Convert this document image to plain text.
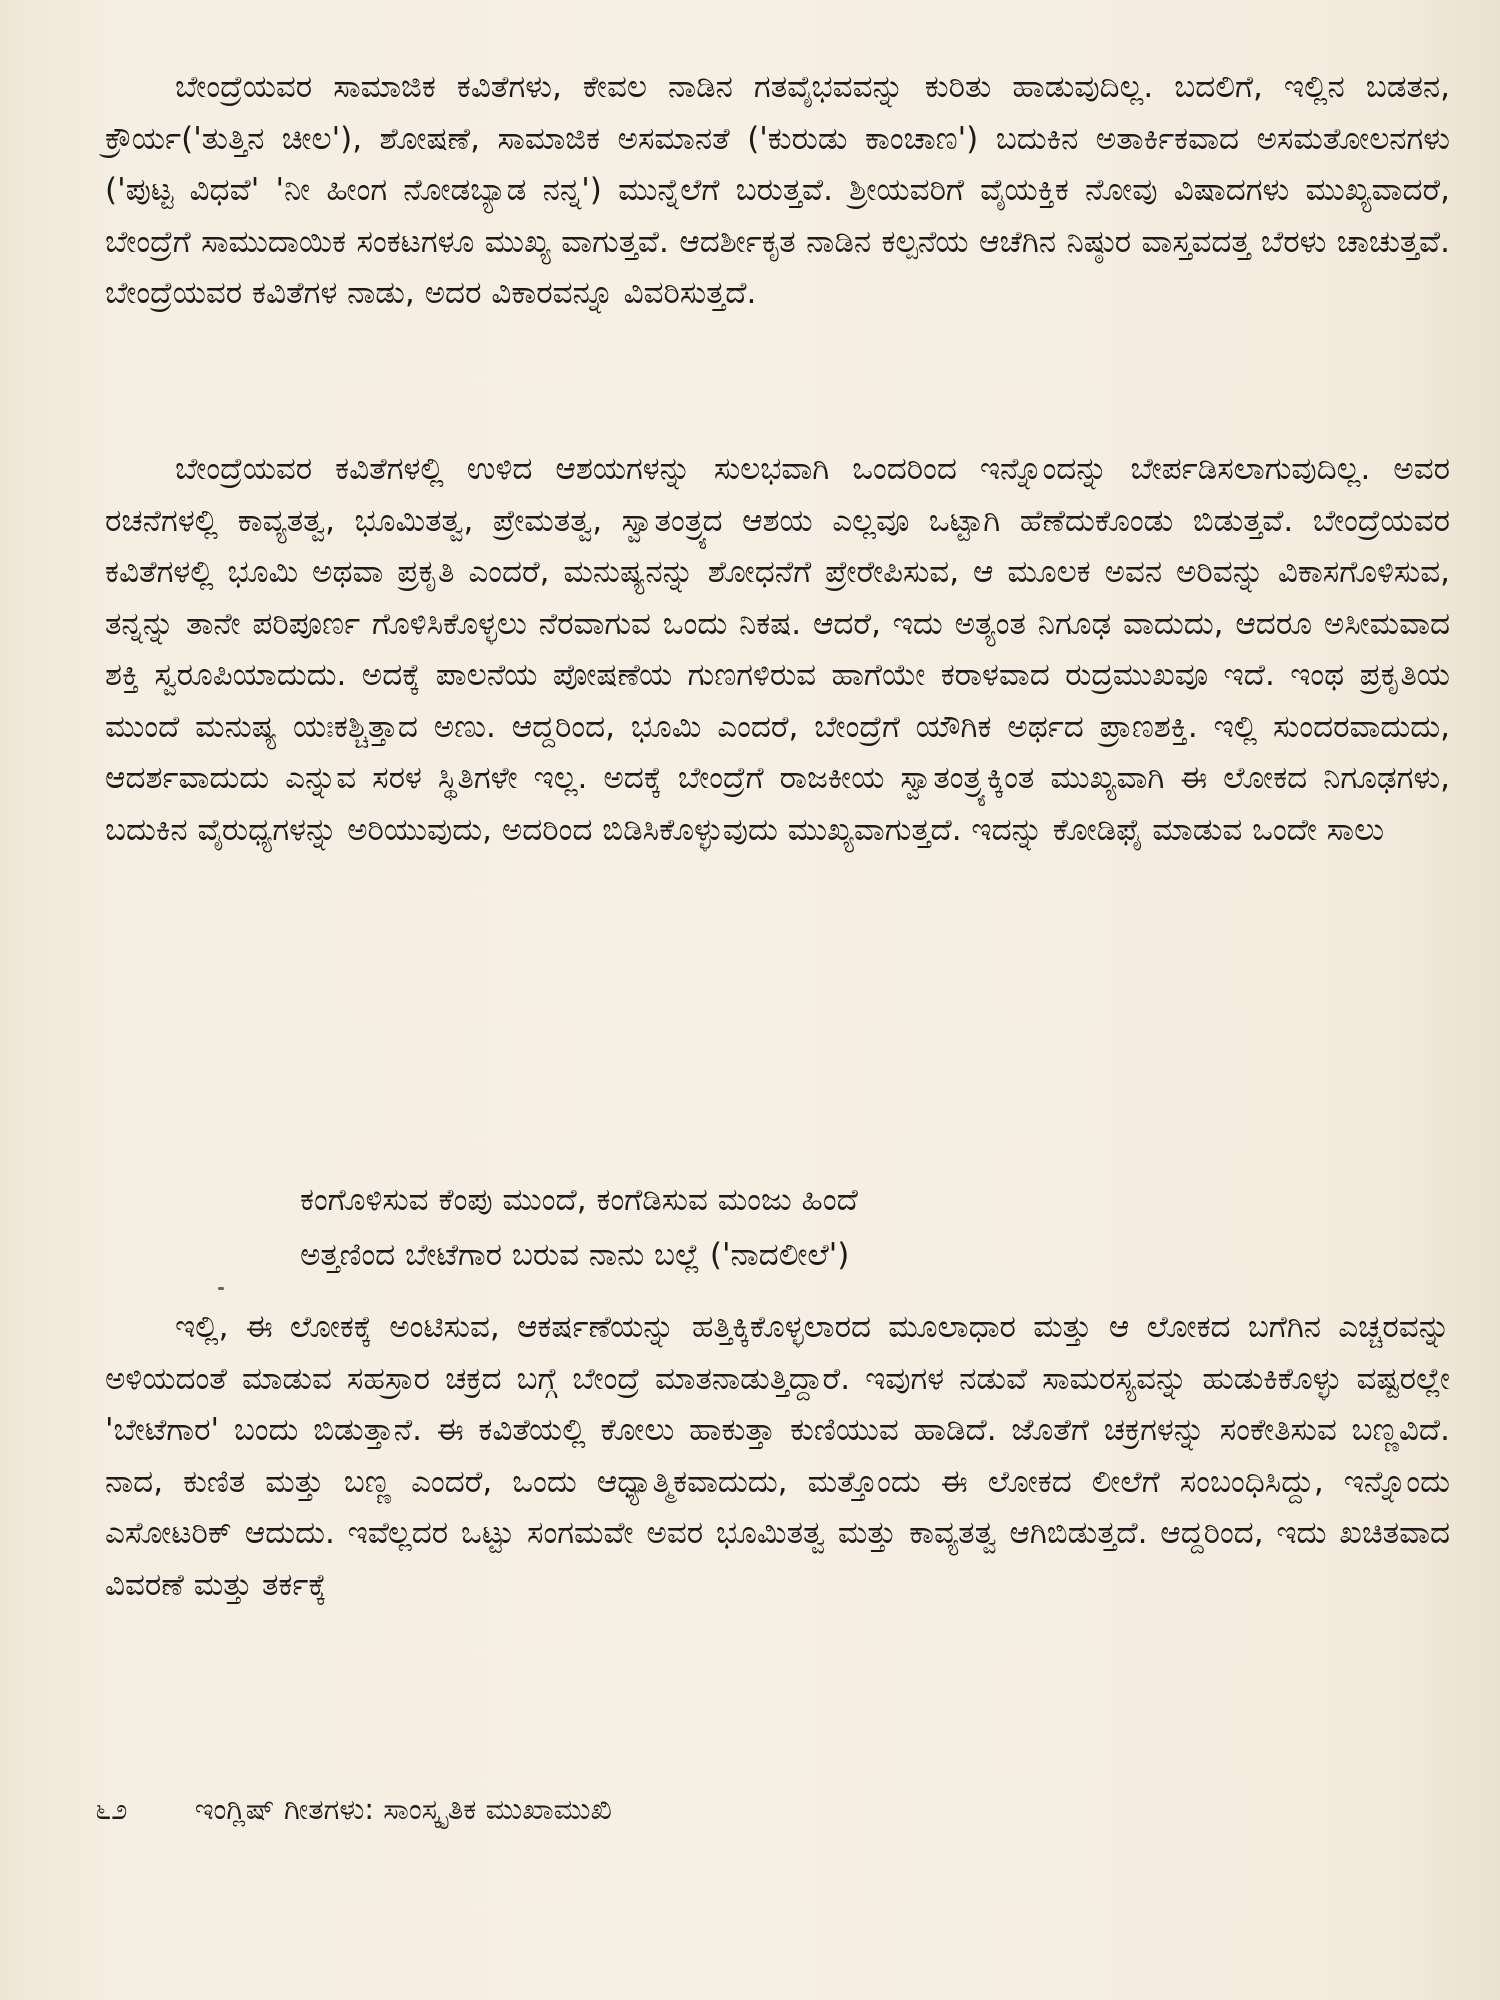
ಬೇಂದ್ರೆಯವರ ಸಾಮಾಜಿಕ ಕವಿತೆಗಳು, ಕೇವಲ ನಾಡಿನ ಗತವೈಭವವನ್ನು ಕುರಿತು ಹಾಡುವುದಿಲ್ಲ. ಬದಲಿಗೆ, ಇಲ್ಲಿನ ಬಡತನ, ಕ್ರೌರ್ಯ('ತುತ್ತಿನ ಚೀಲ'), ಶೋಷಣೆ, ಸಾಮಾಜಿಕ ಅಸಮಾನತೆ ('ಕುರುಡು ಕಾಂಚಾಣ') ಬದುಕಿನ ಅತಾರ್ಕಿಕವಾದ ಅಸಮತೋಲನಗಳು ('ಪುಟ್ಟ ವಿಧವೆ' 'ನೀ ಹೀಂಗ ನೋಡಬ್ಯಾಡ ನನ್ನ') ಮುನ್ನೆಲೆಗೆ ಬರುತ್ತವೆ. ಶ್ರೀಯವರಿಗೆ ವೈಯಕ್ತಿಕ ನೋವು ವಿಷಾದಗಳು ಮುಖ್ಯವಾದರೆ, ಬೇಂದ್ರೆಗೆ ಸಾಮುದಾಯಿಕ ಸಂಕಟಗಳೂ ಮುಖ್ಯ ವಾಗುತ್ತವೆ. ಆದರ್ಶೀಕೃತ ನಾಡಿನ ಕಲ್ಪನೆಯ ಆಚೆಗಿನ ನಿಷ್ಠುರ ವಾಸ್ತವದತ್ತ ಬೆರಳು ಚಾಚುತ್ತವೆ. ಬೇಂದ್ರೆಯವರ ಕವಿತೆಗಳ ನಾಡು, ಅದರ ವಿಕಾರವನ್ನೂ ವಿವರಿಸುತ್ತದೆ.

ಬೇಂದ್ರೆಯವರ ಕವಿತೆಗಳಲ್ಲಿ ಉಳಿದ ಆಶಯಗಳನ್ನು ಸುಲಭವಾಗಿ ಒಂದರಿಂದ ಇನ್ನೊಂದನ್ನು ಬೇರ್ಪಡಿಸಲಾಗುವುದಿಲ್ಲ. ಅವರ ರಚನೆಗಳಲ್ಲಿ ಕಾವ್ಯತತ್ವ, ಭೂಮಿತತ್ವ, ಪ್ರೇಮತತ್ವ, ಸ್ವಾತಂತ್ರ್ಯದ ಆಶಯ ಎಲ್ಲವೂ ಒಟ್ಟಾಗಿ ಹೆಣೆದುಕೊಂಡು ಬಿಡುತ್ತವೆ. ಬೇಂದ್ರೆಯವರ ಕವಿತೆಗಳಲ್ಲಿ ಭೂಮಿ ಅಥವಾ ಪ್ರಕೃತಿ ಎಂದರೆ, ಮನುಷ್ಯನನ್ನು ಶೋಧನೆಗೆ ಪ್ರೇರೇಪಿಸುವ, ಆ ಮೂಲಕ ಅವನ ಅರಿವನ್ನು ವಿಕಾಸಗೊಳಿಸುವ, ತನ್ನನ್ನು ತಾನೇ ಪರಿಪೂರ್ಣ ಗೊಳಿಸಿಕೊಳ್ಳಲು ನೆರವಾಗುವ ಒಂದು ನಿಕಷ. ಆದರೆ, ಇದು ಅತ್ಯಂತ ನಿಗೂಢ ವಾದುದು, ಆದರೂ ಅಸೀಮವಾದ ಶಕ್ತಿ ಸ್ವರೂಪಿಯಾದುದು. ಅದಕ್ಕೆ ಪಾಲನೆಯ ಪೋಷಣೆಯ ಗುಣಗಳಿರುವ ಹಾಗೆಯೇ ಕರಾಳವಾದ ರುದ್ರಮುಖವೂ ಇದೆ. ಇಂಥ ಪ್ರಕೃತಿಯ ಮುಂದೆ ಮನುಷ್ಯ ಯಃಕಶ್ಚಿತ್ತಾದ ಅಣು. ಆದ್ದರಿಂದ, ಭೂಮಿ ಎಂದರೆ, ಬೇಂದ್ರೆಗೆ ಯೌಗಿಕ ಅರ್ಥದ ಪ್ರಾಣಶಕ್ತಿ. ಇಲ್ಲಿ ಸುಂದರವಾದುದು, ಆದರ್ಶವಾದುದು ಎನ್ನುವ ಸರಳ ಸ್ಥಿತಿಗಳೇ ಇಲ್ಲ. ಅದಕ್ಕೆ ಬೇಂದ್ರೆಗೆ ರಾಜಕೀಯ ಸ್ವಾತಂತ್ರ್ಯಕ್ಕಿಂತ ಮುಖ್ಯವಾಗಿ ಈ ಲೋಕದ ನಿಗೂಢಗಳು, ಬದುಕಿನ ವೈರುಧ್ಯಗಳನ್ನು ಅರಿಯುವುದು, ಅದರಿಂದ ಬಿಡಿಸಿಕೊಳ್ಳುವುದು ಮುಖ್ಯವಾಗುತ್ತದೆ. ಇದನ್ನು ಕೋಡಿಫೈ ಮಾಡುವ ಒಂದೇ ಸಾಲು

ಕಂಗೊಳಿಸುವ ಕೆಂಪು ಮುಂದೆ, ಕಂಗೆಡಿಸುವ ಮಂಜು ಹಿಂದೆ
ಅತ್ತಣಿಂದ ಬೇಟೆಗಾರ ಬರುವ ನಾನು ಬಲ್ಲೆ ('ನಾದಲೀಲೆ')

ಇಲ್ಲಿ, ಈ ಲೋಕಕ್ಕೆ ಅಂಟಿಸುವ, ಆಕರ್ಷಣೆಯನ್ನು ಹತ್ತಿಕ್ಕಿಕೊಳ್ಳಲಾರದ ಮೂಲಾಧಾರ ಮತ್ತು ಆ ಲೋಕದ ಬಗೆಗಿನ ಎಚ್ಚರವನ್ನು ಅಳಿಯದಂತೆ ಮಾಡುವ ಸಹಸ್ರಾರ ಚಕ್ರದ ಬಗ್ಗೆ ಬೇಂದ್ರೆ ಮಾತನಾಡುತ್ತಿದ್ದಾರೆ. ಇವುಗಳ ನಡುವೆ ಸಾಮರಸ್ಯವನ್ನು ಹುಡುಕಿಕೊಳ್ಳು ವಷ್ಟರಲ್ಲೇ 'ಬೇಟೆಗಾರ' ಬಂದು ಬಿಡುತ್ತಾನೆ. ಈ ಕವಿತೆಯಲ್ಲಿ ಕೋಲು ಹಾಕುತ್ತಾ ಕುಣಿಯುವ ಹಾಡಿದೆ. ಜೊತೆಗೆ ಚಕ್ರಗಳನ್ನು ಸಂಕೇತಿಸುವ ಬಣ್ಣವಿದೆ. ನಾದ, ಕುಣಿತ ಮತ್ತು ಬಣ್ಣ ಎಂದರೆ, ಒಂದು ಆಧ್ಯಾತ್ಮಿಕವಾದುದು, ಮತ್ತೊಂದು ಈ ಲೋಕದ ಲೀಲೆಗೆ ಸಂಬಂಧಿಸಿದ್ದು, ಇನ್ನೊಂದು ಎಸೋಟರಿಕ್ ಆದುದು. ಇವೆಲ್ಲದರ ಒಟ್ಟು ಸಂಗಮವೇ ಅವರ ಭೂಮಿತತ್ವ ಮತ್ತು ಕಾವ್ಯತತ್ವ ಆಗಿಬಿಡುತ್ತದೆ. ಆದ್ದರಿಂದ, ಇದು ಖಚಿತವಾದ ವಿವರಣೆ ಮತ್ತು ತರ್ಕಕ್ಕೆ

೬೨ ಇಂಗ್ಲಿಷ್ ಗೀತಗಳು: ಸಾಂಸ್ಕೃತಿಕ ಮುಖಾಮುಖಿ
